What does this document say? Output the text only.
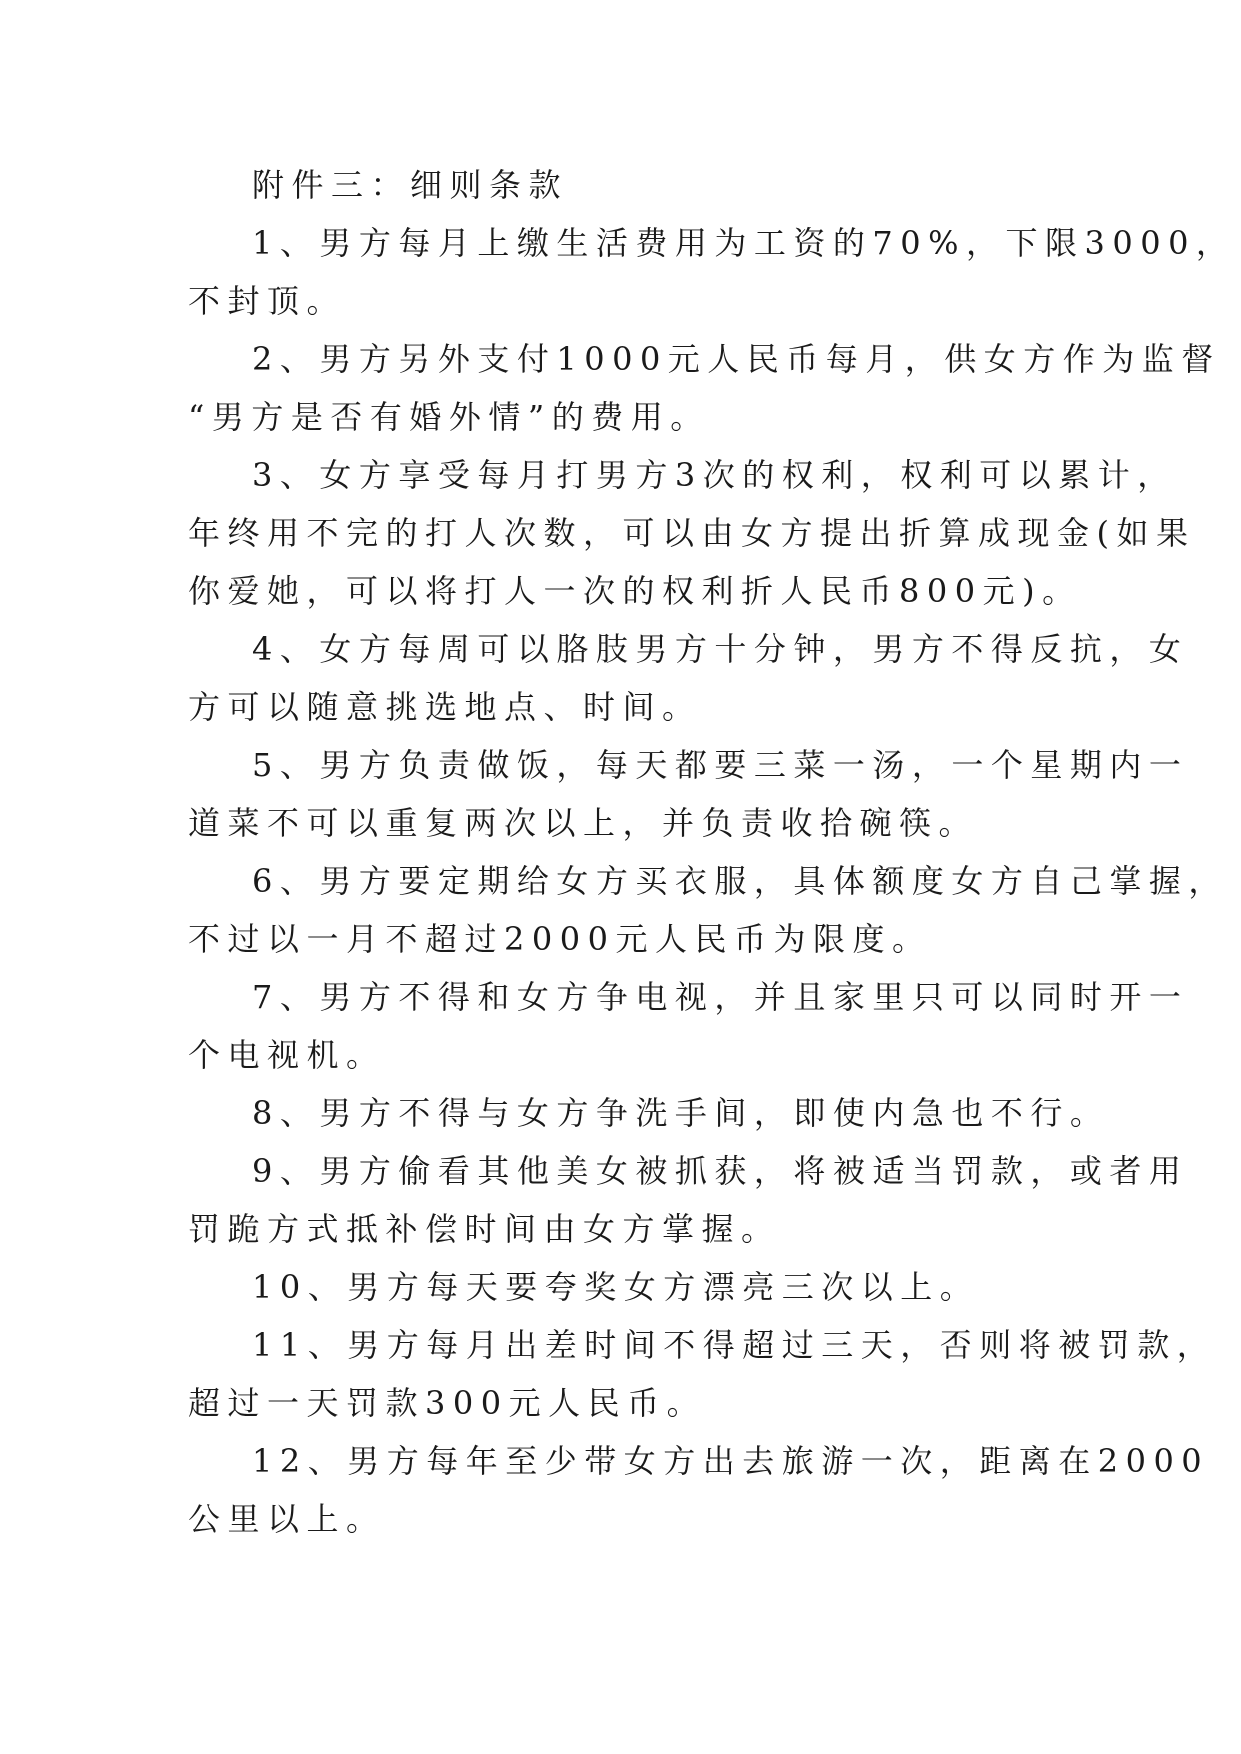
附件三：细则条款
1、男方每月上缴生活费用为工资的70%，下限3000，
不封顶。
2、男方另外支付1000元人民币每月，供女方作为监督
“男方是否有婚外情”的费用。
3、女方享受每月打男方3次的权利，权利可以累计，
年终用不完的打人次数，可以由女方提出折算成现金(如果
你爱她，可以将打人一次的权利折人民币800元)。
4、女方每周可以胳肢男方十分钟，男方不得反抗，女
方可以随意挑选地点、时间。
5、男方负责做饭，每天都要三菜一汤，一个星期内一
道菜不可以重复两次以上，并负责收拾碗筷。
6、男方要定期给女方买衣服，具体额度女方自己掌握，
不过以一月不超过2000元人民币为限度。
7、男方不得和女方争电视，并且家里只可以同时开一
个电视机。
8、男方不得与女方争洗手间，即使内急也不行。
9、男方偷看其他美女被抓获，将被适当罚款，或者用
罚跪方式抵补偿时间由女方掌握。
10、男方每天要夸奖女方漂亮三次以上。
11、男方每月出差时间不得超过三天，否则将被罚款，
超过一天罚款300元人民币。
12、男方每年至少带女方出去旅游一次，距离在2000
公里以上。
